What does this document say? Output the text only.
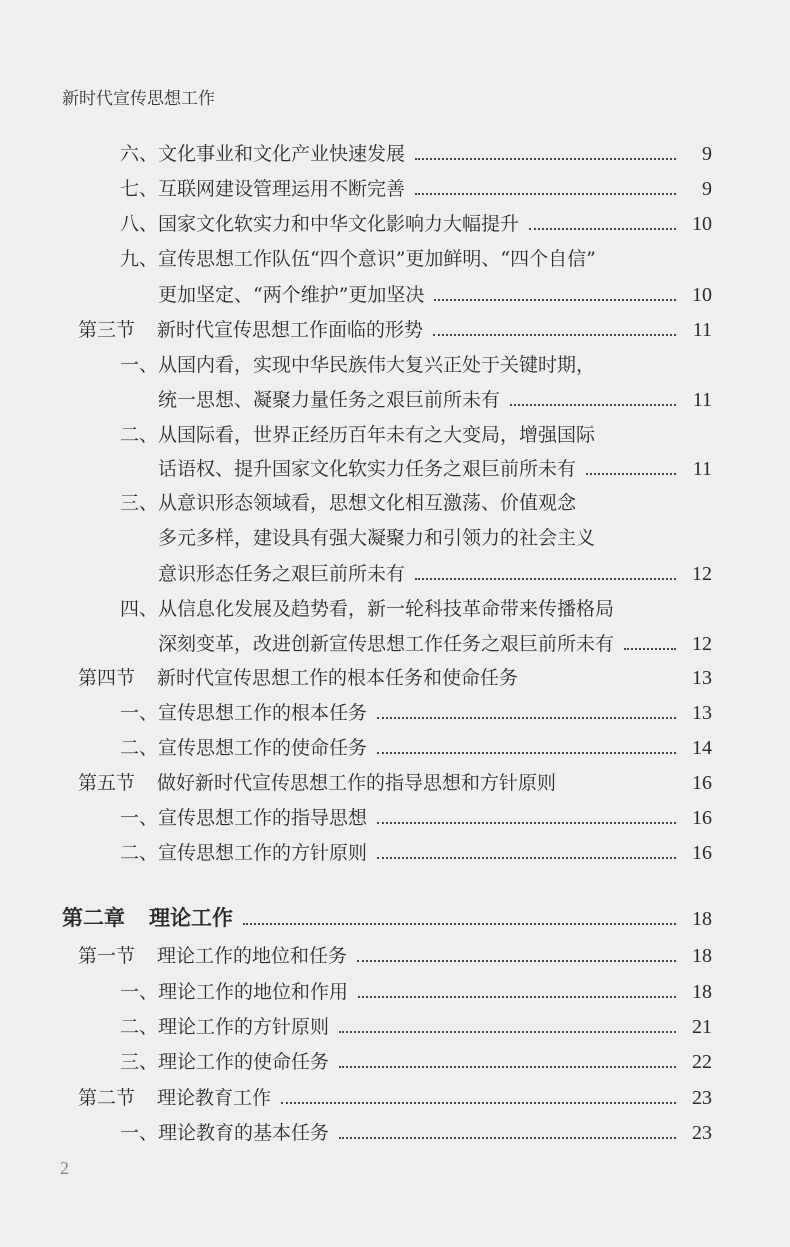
新时代宣传思想工作
六、文化事业和文化产业快速发展	9
七、互联网建设管理运用不断完善	9
八、国家文化软实力和中华文化影响力大幅提升	10
九、宣传思想工作队伍“四个意识”更加鲜明、“四个自信”
更加坚定、“两个维护”更加坚决	10
第三节 新时代宣传思想工作面临的形势	11
一、从国内看，实现中华民族伟大复兴正处于关键时期，
统一思想、凝聚力量任务之艰巨前所未有	11
二、从国际看，世界正经历百年未有之大变局，增强国际
话语权、提升国家文化软实力任务之艰巨前所未有	11
三、从意识形态领域看，思想文化相互激荡、价值观念
多元多样，建设具有强大凝聚力和引领力的社会主义
意识形态任务之艰巨前所未有	12
四、从信息化发展及趋势看，新一轮科技革命带来传播格局
深刻变革，改进创新宣传思想工作任务之艰巨前所未有	12
第四节 新时代宣传思想工作的根本任务和使命任务	13
一、宣传思想工作的根本任务	13
二、宣传思想工作的使命任务	14
第五节 做好新时代宣传思想工作的指导思想和方针原则	16
一、宣传思想工作的指导思想	16
二、宣传思想工作的方针原则	16
第二章 理论工作	18
第一节 理论工作的地位和任务	18
一、理论工作的地位和作用	18
二、理论工作的方针原则	21
三、理论工作的使命任务	22
第二节 理论教育工作	23
一、理论教育的基本任务	23
2
